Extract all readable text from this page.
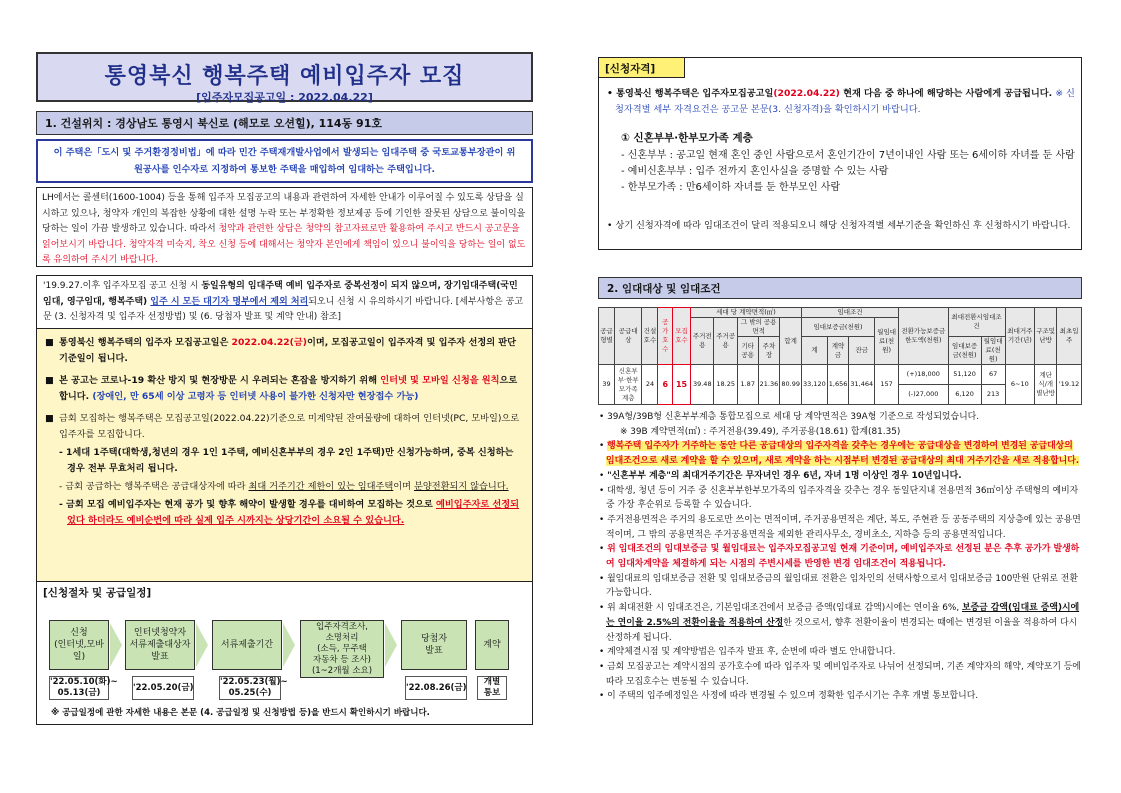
통영북신 행복주택 예비입주자 모집
[입주자모집공고일 : 2022.04.22]
1. 건설위치 : 경상남도 통영시 북신로 (해모로 오션힐), 114동 91호
이 주택은「도시 및 주거환경정비법」에 따라 민간 주택재개발사업에서 발생되는 임대주택 중 국토교통부장관이 위원공사를 인수자로 지정하여 통보한 주택을 매입하여 임대하는 주택입니다.
LH에서는 콜센터(1600-1004) 등을 통해 입주자 모집공고의 내용과 관련하여 자세한 안내가 이루어질 수 있도록 상담을 실시하고 있으나, 청약자 개인의 복잡한 상황에 대한 설명 누락 또는 부정확한 정보제공 등에 기인한 잘못된 상담으로 불이익을 당하는 일이 가끔 발생하고 있습니다. 따라서 청약과 관련한 상담은 청약의 참고자료로만 활용하여 주시고 반드시 공고문을 읽어보시기 바랍니다. 청약자격 미숙지, 착오 신청 등에 대해서는 청약자 본인에게 책임이 있으니 불이익을 당하는 일이 없도록 유의하여 주시기 바랍니다.
'19.9.27.이후 입주자모집 공고 신청 시 동일유형의 임대주택 예비 입주자로 중복선정이 되지 않으며, 장기임대주택(국민임대, 영구임대, 행복주택) 입주 시 모든 대기자 명부에서 제외 처리되오니 신청 시 유의하시기 바랍니다. [세부사항은 공고문 (3. 신청자격 및 입주자 선정방법) 및 (6. 당첨자 발표 및 계약 안내) 참조]
■ 통영북신 행복주택의 입주자 모집공고일은 2022.04.22(금)이며, 모집공고일이 입주자격 및 입주자 선정의 판단기준일이 됩니다.
■ 본 공고는 코로나-19 확산 방지 및 현장방문 시 우려되는 혼잡을 방지하기 위해 인터넷 및 모바일 신청을 원칙으로 합니다. (장애인, 만 65세 이상 고령자 등 인터넷 사용이 불가한 신청자만 현장접수 가능)
■ 금회 모집하는 행복주택은 모집공고일(2022.04.22)기준으로 미계약된 잔여물량에 대하여 인터넷(PC, 모바일)으로 입주자를 모집합니다.
- 1세대 1주택(대학생,청년의 경우 1인 1주택, 예비신혼부부의 경우 2인 1주택)만 신청가능하며, 중복 신청하는 경우 전부 무효처리 됩니다.
- 금회 공급하는 행복주택은 공급대상자에 따라 최대 거주기간 제한이 있는 임대주택이며 분양전환되지 않습니다.
- 금회 모집 예비입주자는 현재 공가 및 향후 해약이 발생할 경우를 대비하여 모집하는 것으로 예비입주자로 선정되었다 하더라도 예비순번에 따라 실제 입주 시까지는 상당기간이 소요될 수 있습니다.
[신청절차 및 공급일정]
신청
(인터넷,모바일)
인터넷청약자
서류제출대상자
발표
서류제출기간
입주자격조사,
소명처리
(소득, 무주택
자동차 등 조사)
(1~2개월 소요)
당첨자
발표
계약
'22.05.10(화)~
05.13(금)
'22.05.20(금)
'22.05.23(월)~
05.25(수)
'22.08.26(금)
개별
통보
※ 공급일정에 관한 자세한 내용은 본문 (4. 공급일정 및 신청방법 등)을 반드시 확인하시기 바랍니다.
[신청자격]
• 통영북신 행복주택은 입주자모집공고일(2022.04.22) 현재 다음 중 하나에 해당하는 사람에게 공급됩니다. ※ 신청자격별 세부 자격요건은 공고문 본문(3. 신청자격)을 확인하시기 바랍니다.
① 신혼부부·한부모가족 계층
- 신혼부부 : 공고일 현재 혼인 중인 사람으로서 혼인기간이 7년이내인 사람 또는 6세이하 자녀를 둔 사람
- 예비신혼부부 : 입주 전까지 혼인사실을 증명할 수 있는 사람
- 한부모가족 : 만6세이하 자녀를 둔 한부모인 사람
• 상기 신청자격에 따라 임대조건이 달리 적용되오니 해당 신청자격별 세부기준을 확인하신 후 신청하시기 바랍니다.
2. 임대대상 및 임대조건
공급형별	공급대상	건설호수	공가호수	모집호수	세대 당 계약면적(㎡)					임대조건				전환가능보증금한도액(천원)	최대전환시임대조건		최대거주기간(년)	구조및난방	최초입주
					주거전용	주거공용	그 밖의 공용면적		합계	임대보증금(천원)			월임대료(천원)						
							기타공용	주차장		계	계약금	잔금			임대보증금(천원)	월임대료(천원)			

39	신혼부부·한부모가족계층	24	6	15	39.48	18.25	1.87	21.36	80.99	33,120	1,656	31,464	157	(+)18,000	51,120	67	6~10	계단식/개별난방	'19.12
														(-)27,000	6,120	213			
• 39A형/39B형 신혼부부계층 통합모집으로 세대 당 계약면적은 39A형 기준으로 작성되었습니다.
※ 39B 계약면적(㎡) : 주거전용(39.49), 주거공용(18.61) 합계(81.35)
• 행복주택 입주자가 거주하는 동안 다른 공급대상의 입주자격을 갖추는 경우에는 공급대상을 변경하여 변경된 공급대상의 임대조건으로 새로 계약을 할 수 있으며, 새로 계약을 하는 시점부터 변경된 공급대상의 최대 거주기간을 새로 적용합니다.
• "신혼부부 계층"의 최대거주기간은 무자녀인 경우 6년, 자녀 1명 이상인 경우 10년입니다.
• 대학생, 청년 등이 거주 중 신혼부부한부모가족의 입주자격을 갖추는 경우 동일단지내 전용면적 36㎡이상 주택형의 예비자 중 가장 후순위로 등록할 수 있습니다.
• 주거전용면적은 주거의 용도로만 쓰이는 면적이며, 주거공용면적은 계단, 복도, 주현관 등 공동주택의 지상층에 있는 공용면적이며, 그 밖의 공용면적은 주거공용면적을 제외한 관리사무소, 경비초소, 지하층 등의 공용면적입니다.
• 위 임대조건의 임대보증금 및 월임대료는 입주자모집공고일 현재 기준이며, 예비입주자로 선정된 분은 추후 공가가 발생하여 임대차계약을 체결하게 되는 시점의 주변시세를 반영한 변경 임대조건이 적용됩니다.
• 월임대료의 임대보증금 전환 및 임대보증금의 월임대료 전환은 임차인의 선택사항으로서 임대보증금 100만원 단위로 전환 가능합니다.
• 위 최대전환 시 임대조건은, 기본임대조건에서 보증금 증액(임대료 감액)시에는 연이율 6%, 보증금 감액(임대료 증액)시에는 연이율 2.5%의 전환이율을 적용하여 산정한 것으로서, 향후 전환이율이 변경되는 때에는 변경된 이율을 적용하여 다시 산정하게 됩니다.
• 계약체결시점 및 계약방법은 입주자 발표 후, 순번에 따라 별도 안내합니다.
• 금회 모집공고는 계약시점의 공가호수에 따라 입주자 및 예비입주자로 나뉘어 선정되며, 기존 계약자의 해약, 계약포기 등에 따라 모집호수는 변동될 수 있습니다.
• 이 주택의 입주예정일은 사정에 따라 변경될 수 있으며 정확한 입주시기는 추후 개별 통보합니다.
